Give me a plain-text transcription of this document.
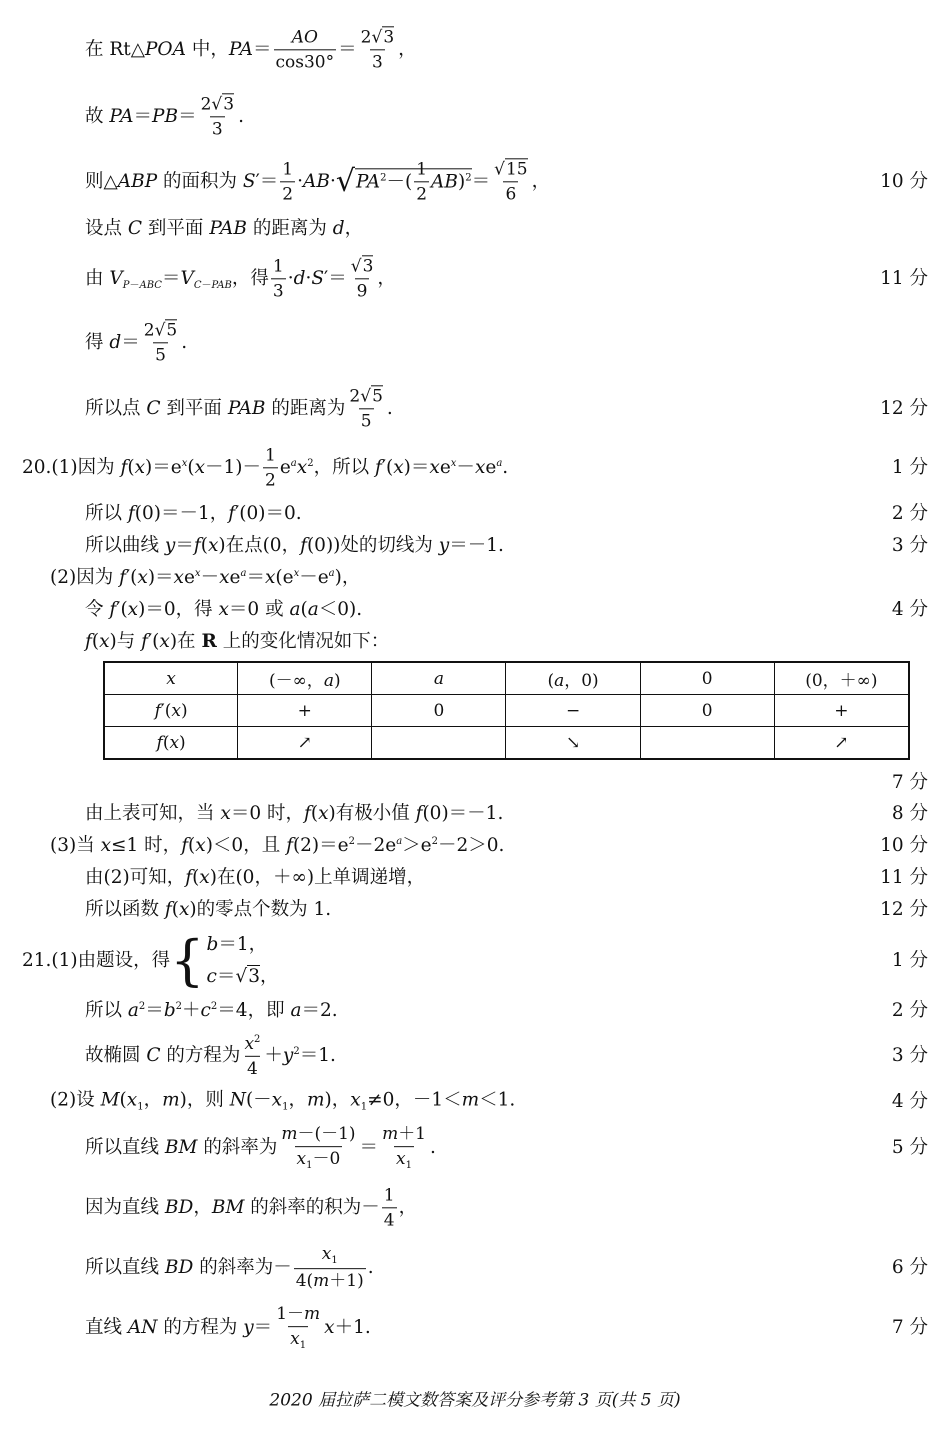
在 Rt△POA 中，$PA= \frac{AO}{\cos 30^\circ} = \frac{2√3}{3}$ ，
故 $PA=PB= \frac{2√3}{3}$ .
则△ABP 的面积为 $S'= \frac{1}{2} \cdot AB\cdot√PA^2-( \frac{1}{2} AB)^2= \frac{√15}{6}$ ，	10 分
设点 C 到平面 PAB 的距离为 d，
由 $V_{P-ABC}=V_{C-PAB}$，得 $\frac{1}{3} \cdot d\cdot S'= \frac{√3}{9}$ ，	11 分
得 $d= \frac{2√5}{5}$ .
所以点 C 到平面 PAB 的距离为 $\frac{2√5}{5}$ .	12 分
20.(1)因为 $f(x)=e^x(x-1)- \frac{1}{2} e^ax^2$，所以 $f'(x)=xe^x-xe^a$.	1 分
所以 f(0)＝－1，f′(0)＝0.	2 分
所以曲线 y＝f(x)在点(0，f(0))处的切线为 y＝－1.	3 分
(2)因为 $f'(x)=xe^x-xe^a=x(e^x-e^a)$，
令 f′(x)＝0，得 x＝0 或 a(a＜0).	4 分
f(x)与 f′(x)在 R 上的变化情况如下：
x	(－∞，a)	a	(a，0)	0	(0，＋∞)
f′(x)	+	0	−	0	+
f(x)	↗		↘		↗
7 分
由上表可知，当 x＝0 时，f(x)有极小值 f(0)＝－1.	8 分
(3)当 x≤1 时，f(x)＜0，且 $f(2)=e^2-2e^a>e^2-2>0$.	10 分
由(2)可知，f(x)在(0，＋∞)上单调递增，	11 分
所以函数 f(x)的零点个数为 1.	12 分
21.(1)由题设，得 { b＝1，
c＝√3，
1 分
所以 $a^2=b^2+c^2=4$，即 a＝2.	2 分
故椭圆 C 的方程为 $\frac{x^2}{4} +y^2=1$.	3 分
(2)设 $M(x_1$，m)，则 $N(-x_1$，m)，$x_1\ne 0$，－1＜m＜1.	4 分
所以直线 BM 的斜率为 $\frac{m-(-1)}{x_1-0} = \frac{m+1}{x_1}$ .	5 分
因为直线 BD，BM 的斜率的积为－ $\frac{1}{4}$ ，
所以直线 BD 的斜率为－ $\frac{x_1}{4(m+1)}$ .	6 分
直线 AN 的方程为 $y= \frac{1-m}{x_1} x+1$.	7 分
2020 届拉萨二模文数答案及评分参考第 3 页(共 5 页)
